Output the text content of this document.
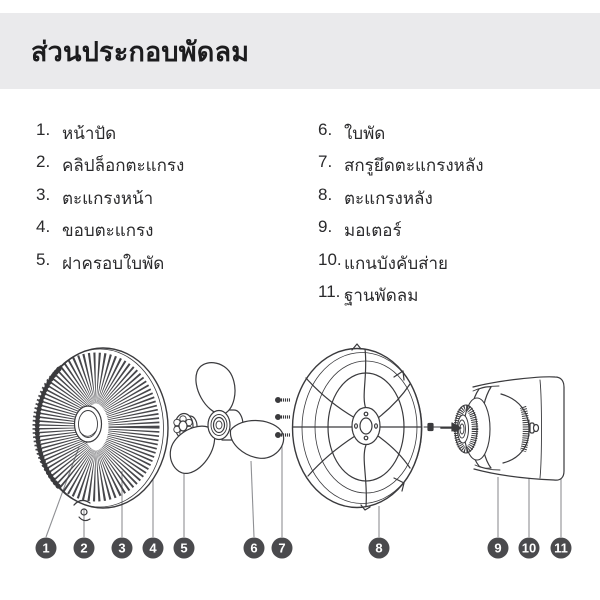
ส่วนประกอบพัดลม
1. หน้าปัด
2. คลิปล็อกตะแกรง
3. ตะแกรงหน้า
4. ขอบตะแกรง
5. ฝาครอบใบพัด
6. ใบพัด
7. สกรูยึดตะแกรงหลัง
8. ตะแกรงหลัง
9. มอเตอร์
10. แกนบังคับส่าย
11. ฐานพัดลม
1 2 3 4 5	6 7	8	9 10 11
